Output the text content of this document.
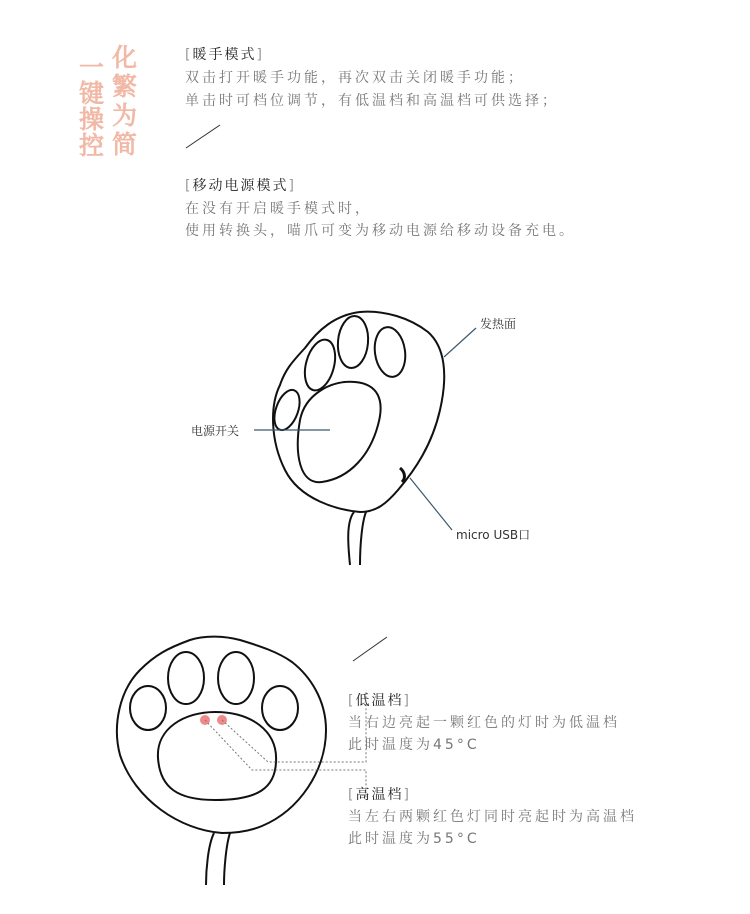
一
键
操
控
化
繁
为
简
[暖手模式]
双击打开暖手功能，再次双击关闭暖手功能；
单击时可档位调节，有低温档和高温档可供选择；
[移动电源模式]
在没有开启暖手模式时，
使用转换头，喵爪可变为移动电源给移动设备充电。
发热面
电源开关
micro USB口
[低温档]
当右边亮起一颗红色的灯时为低温档
此时温度为45°C
[高温档]
当左右两颗红色灯同时亮起时为高温档
此时温度为55°C
